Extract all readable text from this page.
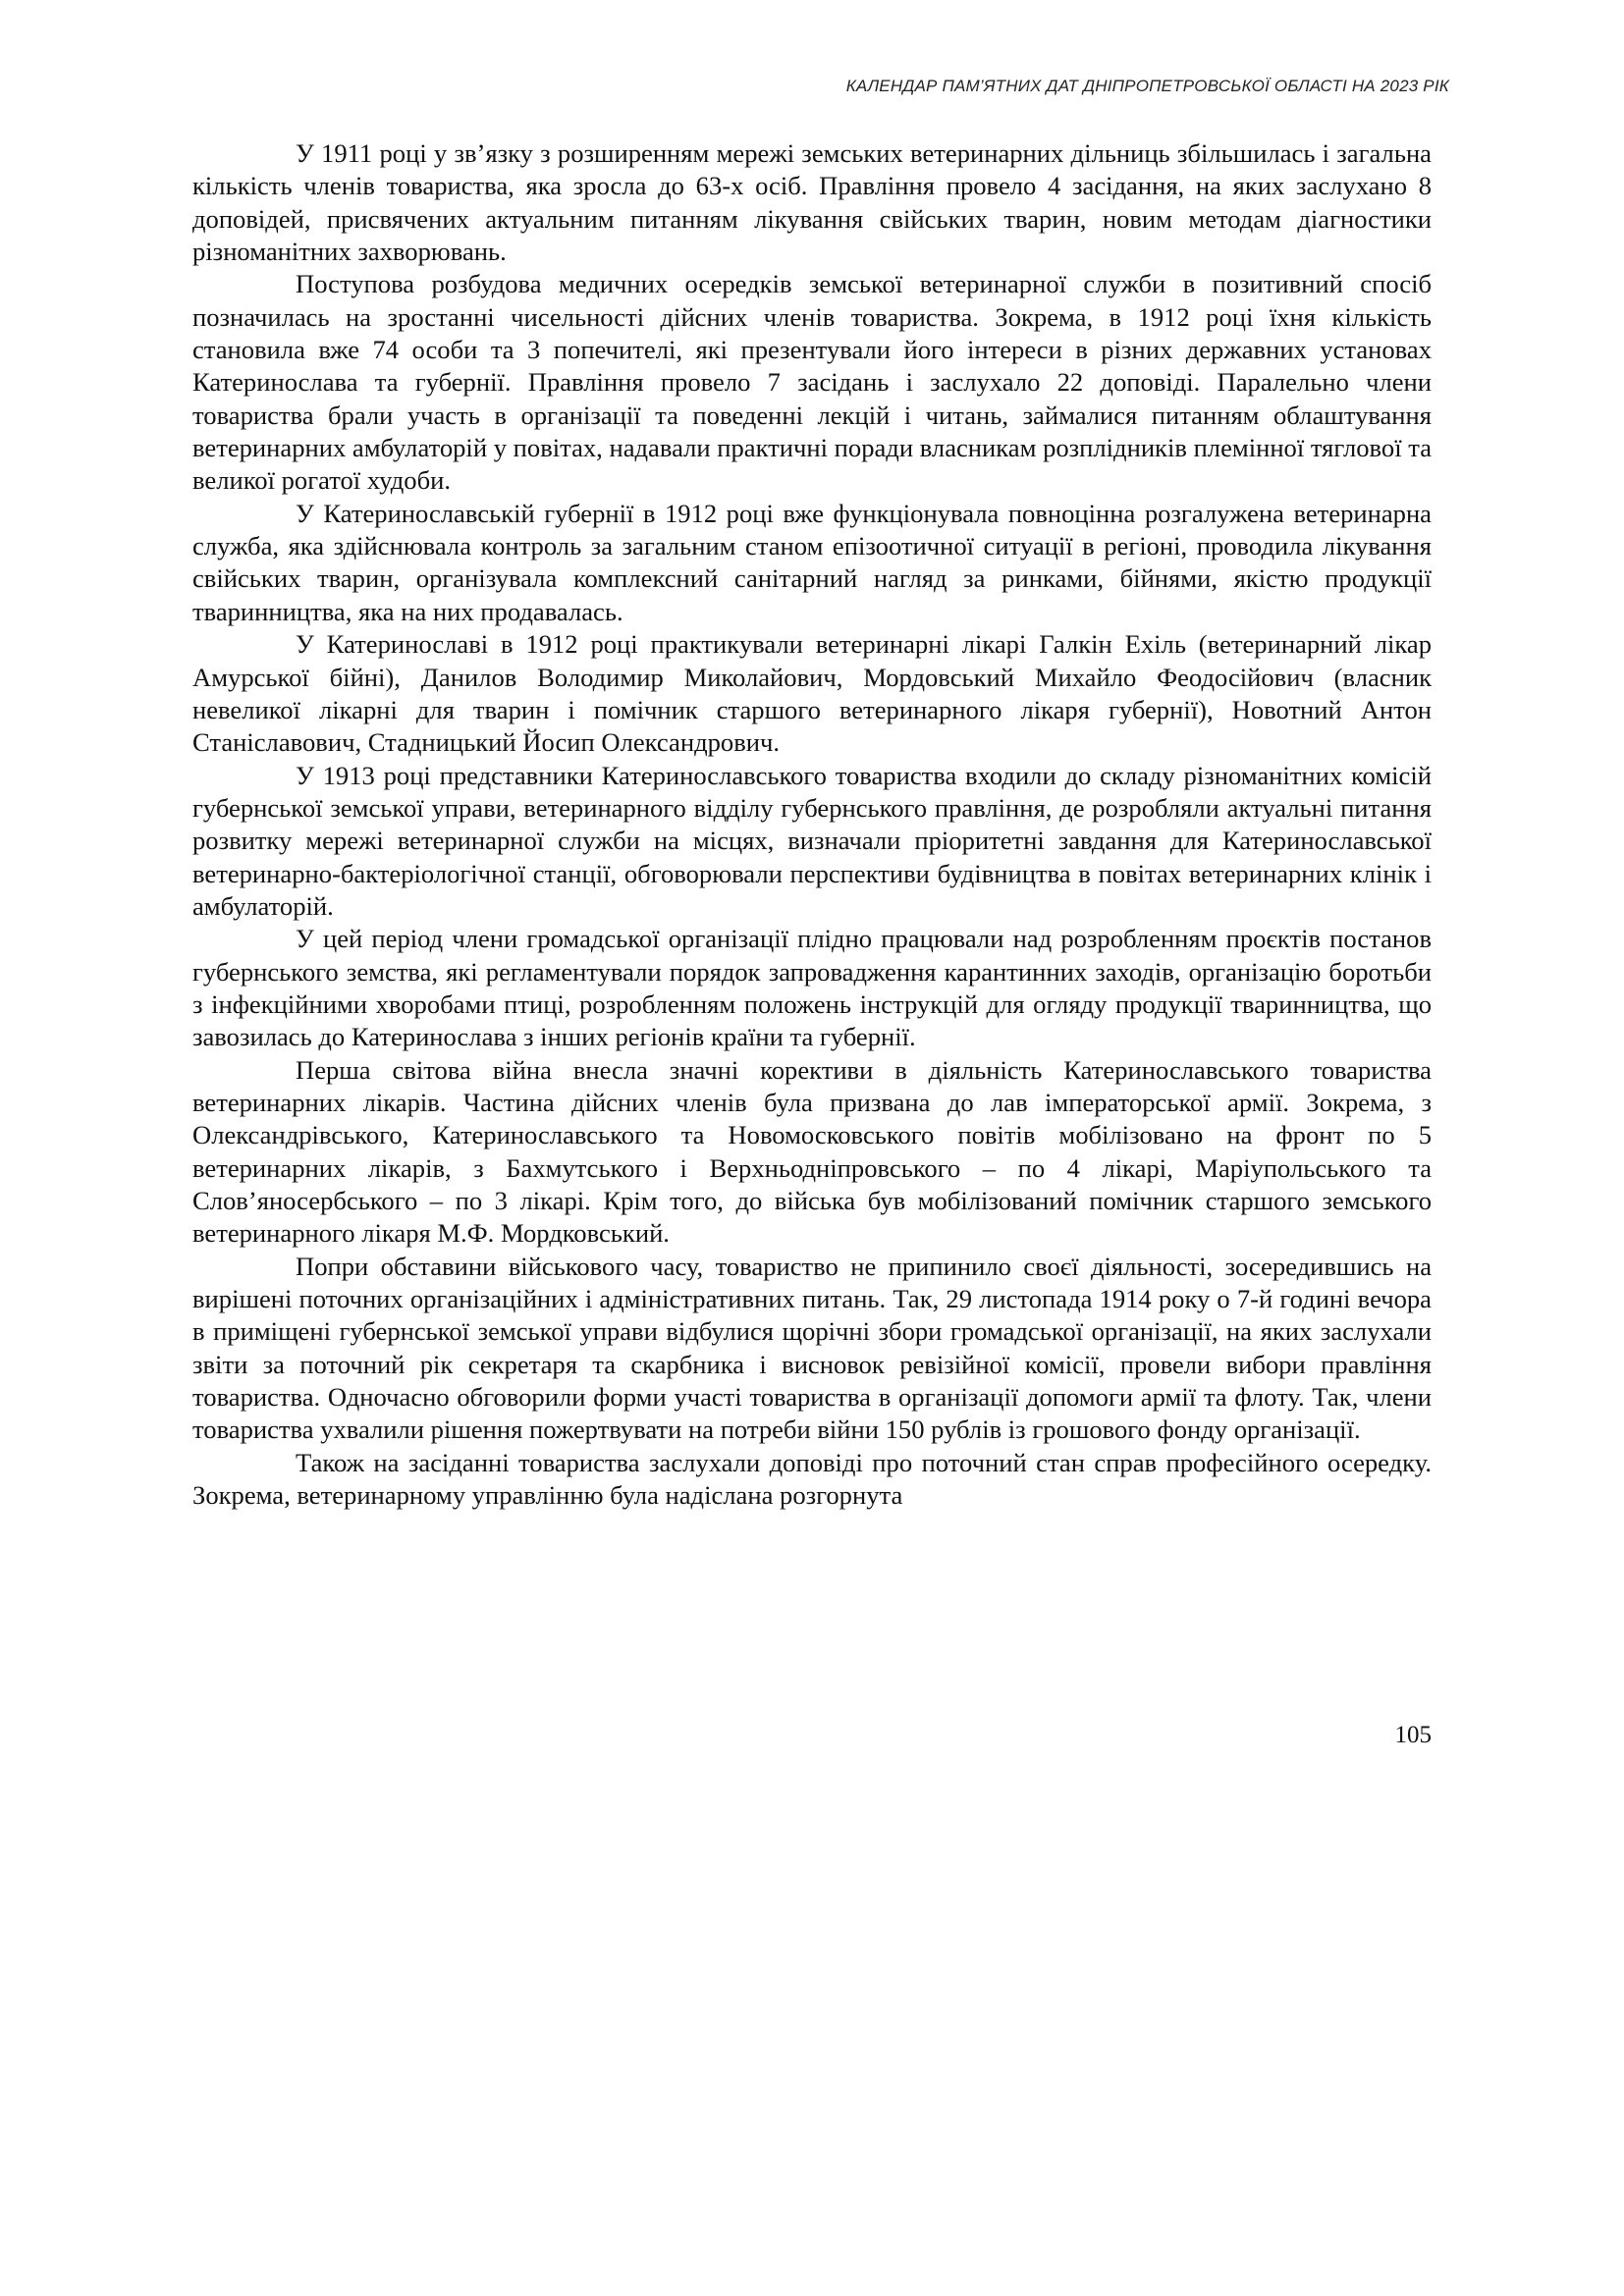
КАЛЕНДАР ПАМ’ЯТНИХ ДАТ ДНІПРОПЕТРОВСЬКОЇ ОБЛАСТІ НА 2023 РІК

У 1911 році у зв’язку з розширенням мережі земських ветеринарних дільниць збільшилась і загальна кількість членів товариства, яка зросла до 63-х осіб. Правління провело 4 засідання, на яких заслухано 8 доповідей, присвячених актуальним питанням лікування свійських тварин, новим методам діагностики різноманітних захворювань.

Поступова розбудова медичних осередків земської ветеринарної служби в позитивний спосіб позначилась на зростанні чисельності дійсних членів товариства. Зокрема, в 1912 році їхня кількість становила вже 74 особи та 3 попечителі, які презентували його інтереси в різних державних установах Катеринослава та губернії. Правління провело 7 засідань і заслухало 22 доповіді. Паралельно члени товариства брали участь в організації та поведенні лекцій і читань, займалися питанням облаштування ветеринарних амбулаторій у повітах, надавали практичні поради власникам розплідників племінної тяглової та великої рогатої худоби.

У Катеринославській губернії в 1912 році вже функціонувала повноцінна розгалужена ветеринарна служба, яка здійснювала контроль за загальним станом епізоотичної ситуації в регіоні, проводила лікування свійських тварин, організувала комплексний санітарний нагляд за ринками, бійнями, якістю продукції тваринництва, яка на них продавалась.

У Катеринославі в 1912 році практикували ветеринарні лікарі Галкін Ехіль (ветеринарний лікар Амурської бійні), Данилов Володимир Миколайович, Мордовський Михайло Феодосійович (власник невеликої лікарні для тварин і помічник старшого ветеринарного лікаря губернії), Новотний Антон Станіславович, Стадницький Йосип Олександрович.

У 1913 році представники Катеринославського товариства входили до складу різноманітних комісій губернської земської управи, ветеринарного відділу губернського правління, де розробляли актуальні питання розвитку мережі ветеринарної служби на місцях, визначали пріоритетні завдання для Катеринославської ветеринарно-бактеріологічної станції, обговорювали перспективи будівництва в повітах ветеринарних клінік і амбулаторій.

У цей період члени громадської організації плідно працювали над розробленням проєктів постанов губернського земства, які регламентували порядок запровадження карантинних заходів, організацію боротьби з інфекційними хворобами птиці, розробленням положень інструкцій для огляду продукції тваринництва, що завозилась до Катеринослава з інших регіонів країни та губернії.

Перша світова війна внесла значні корективи в діяльність Катеринославського товариства ветеринарних лікарів. Частина дійсних членів була призвана до лав імператорської армії. Зокрема, з Олександрівського, Катеринославського та Новомосковського повітів мобілізовано на фронт по 5 ветеринарних лікарів, з Бахмутського і Верхньодніпровського – по 4 лікарі, Маріупольського та Слов’яносербського – по 3 лікарі. Крім того, до війська був мобілізований помічник старшого земського ветеринарного лікаря М.Ф. Мордковський.

Попри обставини військового часу, товариство не припинило своєї діяльності, зосередившись на вирішені поточних організаційних і адміністративних питань. Так, 29 листопада 1914 року о 7-й годині вечора в приміщені губернської земської управи відбулися щорічні збори громадської організації, на яких заслухали звіти за поточний рік секретаря та скарбника і висновок ревізійної комісії, провели вибори правління товариства. Одночасно обговорили форми участі товариства в організації допомоги армії та флоту. Так, члени товариства ухвалили рішення пожертвувати на потреби війни 150 рублів із грошового фонду організації.

Також на засіданні товариства заслухали доповіді про поточний стан справ професійного осередку. Зокрема, ветеринарному управлінню була надіслана розгорнута

105
